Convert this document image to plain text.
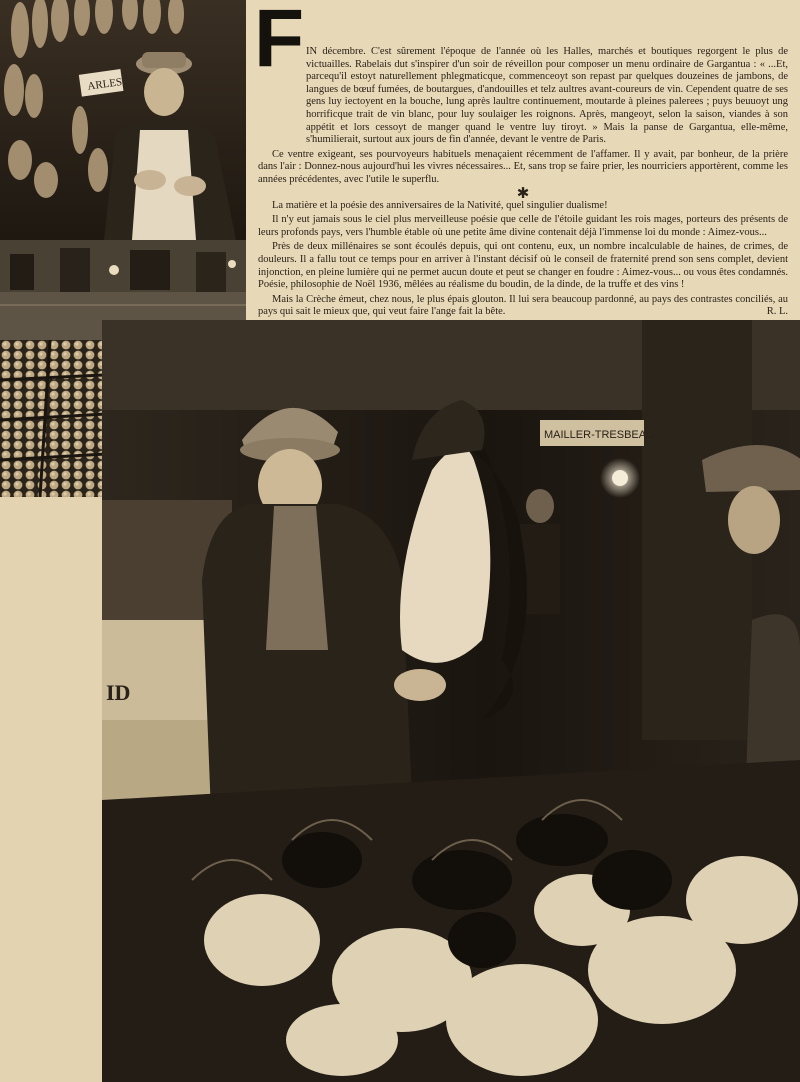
ARLES
F IN décembre. C'est sûrement l'époque de l'année où les Halles, marchés et boutiques regorgent le plus de victuailles. Rabelais dut s'inspirer d'un soir de réveillon pour composer un menu ordinaire de Gargantua : « ...Et, parcequ'il estoyt naturellement phlegmaticque, commenceoyt son repast par quelques douzeines de jambons, de langues de bœuf fumées, de boutargues, d'andouilles et telz aultres avant-coureurs de vin. Cependent quatre de ses gens luy iectoyent en la bouche, lung après laultre continuement, moutarde à pleines palerees ; puys beuuoyt ung horrificque trait de vin blanc, pour luy soulaiger les roignons. Après, mangeoyt, selon la saison, viandes à son appétit et lors cessoyt de manger quand le ventre luy tiroyt. » Mais la panse de Gargantua, elle-même, s'humilierait, surtout aux jours de fin d'année, devant le ventre de Paris.

Ce ventre exigeant, ses pourvoyeurs habituels menaçaient récemment de l'affamer. Il y avait, par bonheur, de la prière dans l'air : Donnez-nous aujourd'hui les vivres nécessaires... Et, sans trop se faire prier, les nourriciers apportèrent, comme les années précédentes, avec l'utile le superflu.

✱

La matière et la poésie des anniversaires de la Nativité, quel singulier dualisme!

Il n'y eut jamais sous le ciel plus merveilleuse poésie que celle de l'étoile guidant les rois mages, porteurs des présents de leurs profonds pays, vers l'humble étable où une petite âme divine contenait déjà l'immense loi du monde : Aimez-vous...

Près de deux millénaires se sont écoulés depuis, qui ont contenu, eux, un nombre incalculable de haines, de crimes, de douleurs. Il a fallu tout ce temps pour en arriver à l'instant décisif où le conseil de fraternité prend son sens complet, devient injonction, en pleine lumière qui ne permet aucun doute et peut se changer en foudre : Aimez-vous... ou vous êtes condamnés. Poésie, philosophie de Noël 1936, mêlées au réalisme du boudin, de la dinde, de la truffe et des vins !

Mais la Crèche émeut, chez nous, le plus épais glouton. Il lui sera beaucoup pardonné, au pays des contrastes conciliés, au pays qui sait le mieux que, qui veut faire l'ange fait la bête.	R. L.

ID
MAILLER-TRESBEAU
